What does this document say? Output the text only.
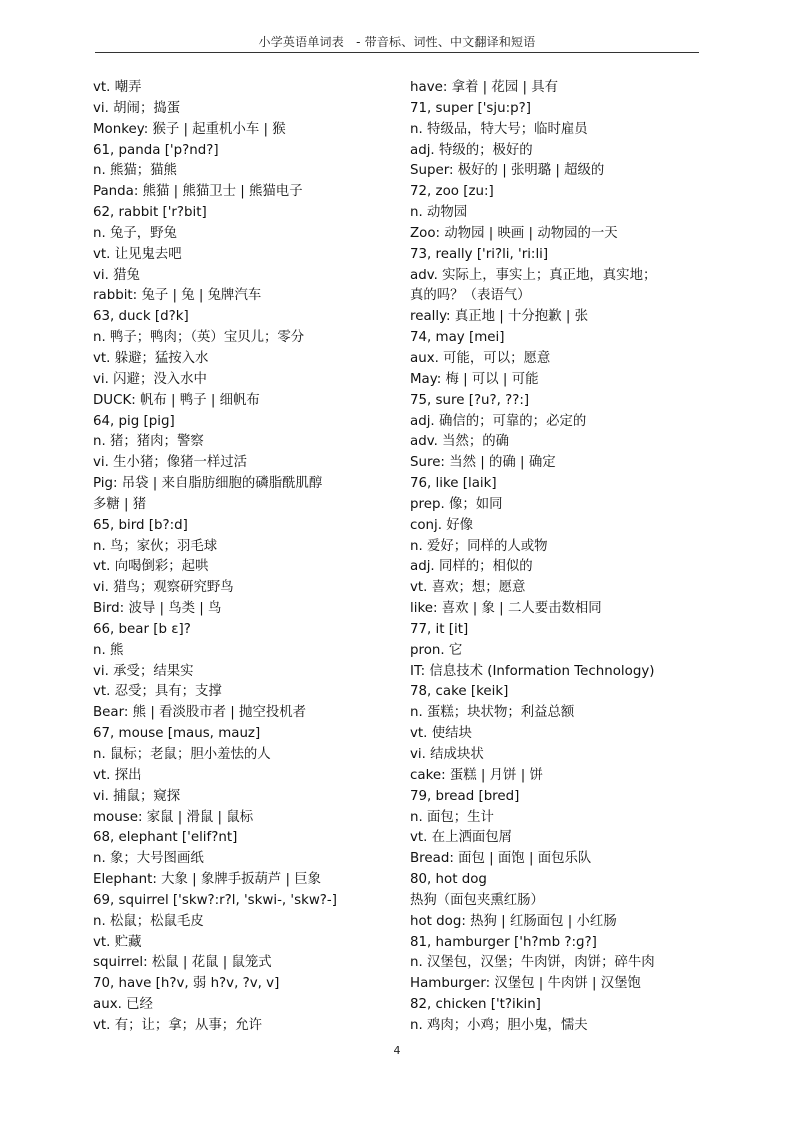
小学英语单词表　- 带音标、词性、中文翻译和短语
vt. 嘲弄
vi. 胡闹；捣蛋
Monkey: 猴子 | 起重机小车 | 猴
61, panda ['p?nd?]
n. 熊猫；猫熊
Panda: 熊猫 | 熊猫卫士 | 熊猫电子
62, rabbit ['r?bit]
n. 兔子，野兔
vt. 让见鬼去吧
vi. 猎兔
rabbit: 兔子 | 兔 | 兔牌汽车
63, duck [d?k]
n. 鸭子；鸭肉；（英）宝贝儿；零分
vt. 躲避；猛按入水
vi. 闪避；没入水中
DUCK: 帆布 | 鸭子 | 细帆布
64, pig [piɡ]
n. 猪；猪肉；警察
vi. 生小猪；像猪一样过活
Pig: 吊袋 | 来自脂肪细胞的磷脂酰肌醇
多糖 | 猪
65, bird [b?:d]
n. 鸟；家伙；羽毛球
vt. 向喝倒彩；起哄
vi. 猎鸟；观察研究野鸟
Bird: 波导 | 鸟类 | 鸟
66, bear [b ε]?
n. 熊
vi. 承受；结果实
vt. 忍受；具有；支撑
Bear: 熊 | 看淡股市者 | 抛空投机者
67, mouse [maus, mauz]
n. 鼠标；老鼠；胆小羞怯的人
vt. 探出
vi. 捕鼠；窥探
mouse: 家鼠 | 滑鼠 | 鼠标
68, elephant ['elif?nt]
n. 象；大号图画纸
Elephant: 大象 | 象牌手扳葫芦 | 巨象
69, squirrel ['skw?:r?l, 'skwi-, 'skw?-]
n. 松鼠；松鼠毛皮
vt. 贮藏
squirrel: 松鼠 | 花鼠 | 鼠笼式
70, have [h?v, 弱 h?v, ?v, v]
aux. 已经
vt. 有；让；拿；从事；允许
have: 拿着 | 花园 | 具有
71, super ['sju:p?]
n. 特级品，特大号；临时雇员
adj. 特级的；极好的
Super: 极好的 | 张明璐 | 超级的
72, zoo [zu:]
n. 动物园
Zoo: 动物园 | 映画 | 动物园的一天
73, really ['ri?li, 'ri:li]
adv. 实际上，事实上；真正地，真实地；
真的吗？（表语气）
really: 真正地 | 十分抱歉 | 张
74, may [mei]
aux. 可能，可以；愿意
May: 梅 | 可以 | 可能
75, sure [?u?, ??:]
adj. 确信的；可靠的；必定的
adv. 当然；的确
Sure: 当然 | 的确 | 确定
76, like [laik]
prep. 像；如同
conj. 好像
n. 爱好；同样的人或物
adj. 同样的；相似的
vt. 喜欢；想；愿意
like: 喜欢 | 象 | 二人要击数相同
77, it [it]
pron. 它
IT: 信息技术 (Information Technology)
78, cake [keik]
n. 蛋糕；块状物；利益总额
vt. 使结块
vi. 结成块状
cake: 蛋糕 | 月饼 | 饼
79, bread [bred]
n. 面包；生计
vt. 在上洒面包屑
Bread: 面包 | 面饱 | 面包乐队
80, hot dog
热狗（面包夹熏红肠）
hot dog: 热狗 | 红肠面包 | 小红肠
81, hamburger ['h?mb ?:ɡ?]
n. 汉堡包，汉堡；牛肉饼，肉饼；碎牛肉
Hamburger: 汉堡包 | 牛肉饼 | 汉堡饱
82, chicken ['t?ikin]
n. 鸡肉；小鸡；胆小鬼，懦夫
4
